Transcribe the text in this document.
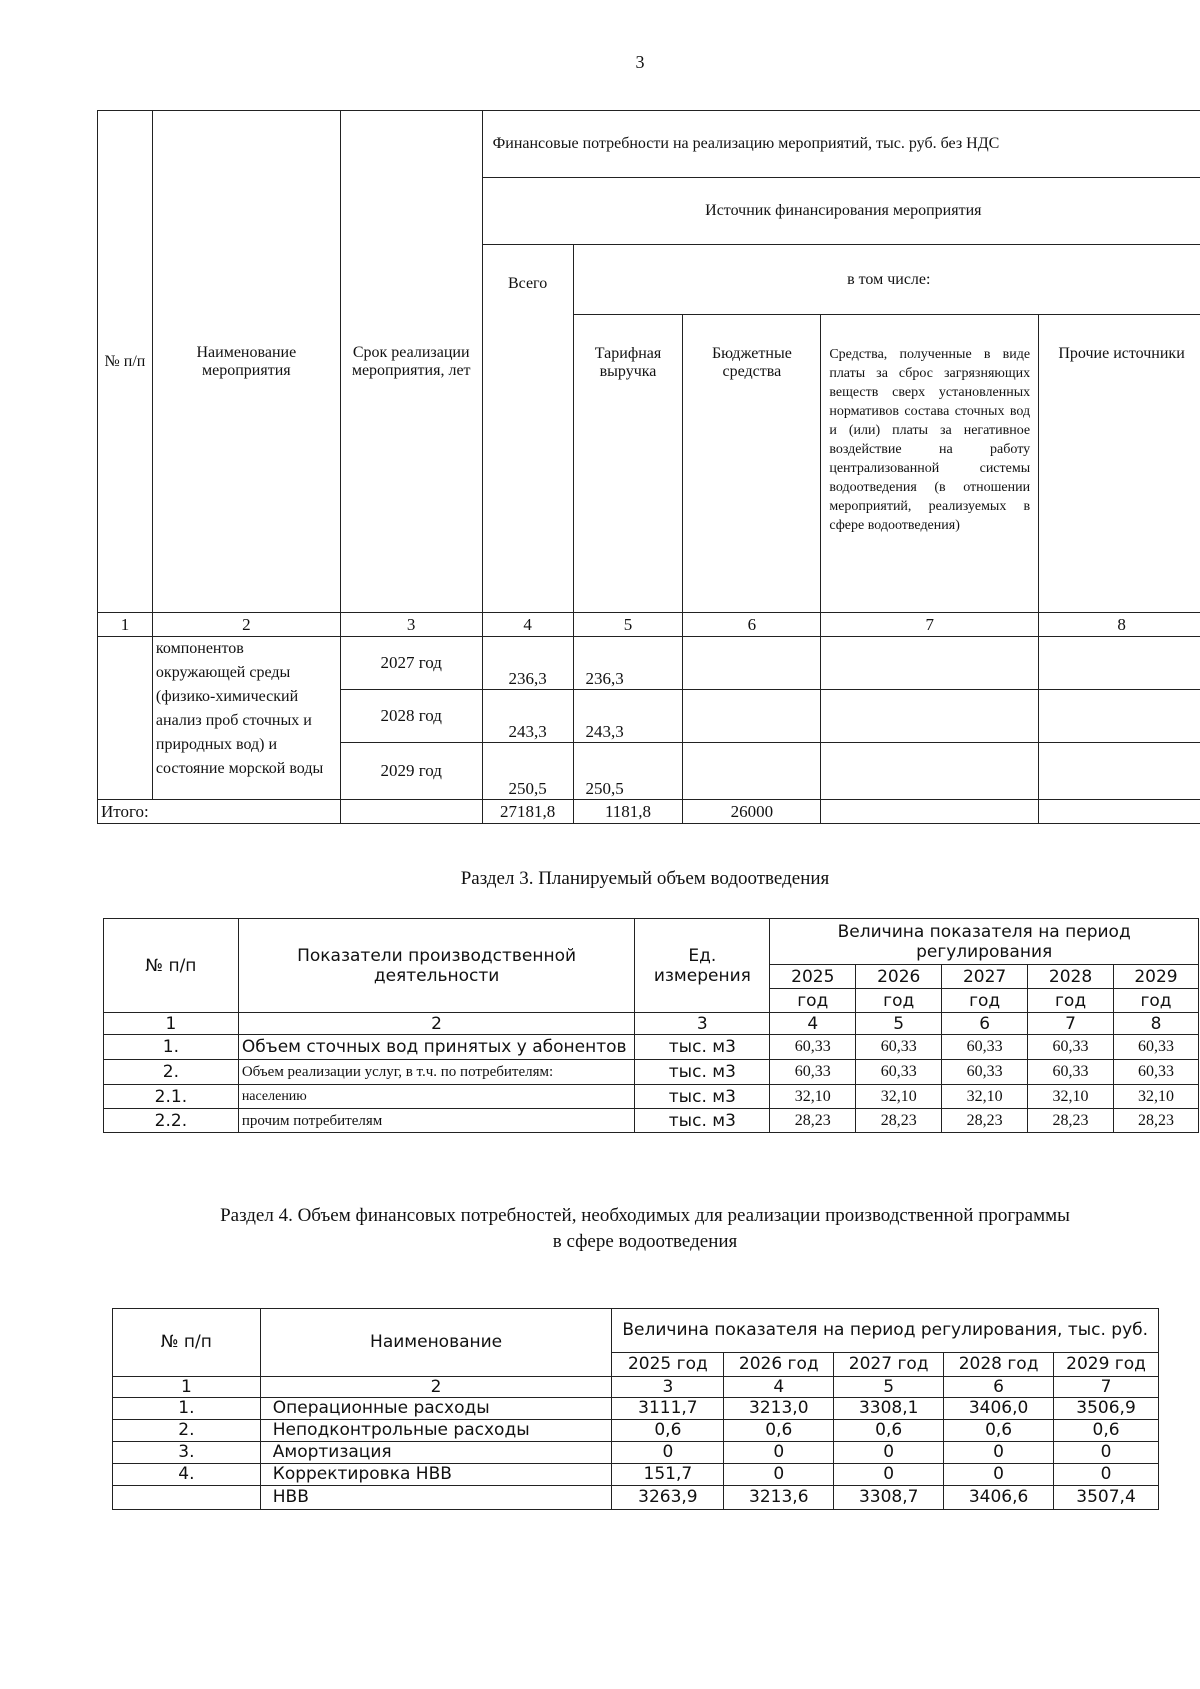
3
№ п/п	Наименование мероприятия	Срок реализации мероприятия, лет	Финансовые потребности на реализацию мероприятий, тыс. руб. без НДС				
			Источник финансирования мероприятия				
			Всего	в том числе:			
				Тарифная выручка	Бюджетные средства	Средства, полученные в виде платы за сброс загрязняющих веществ сверх установленных нормативов состава сточных вод и (или) платы за негативное воздействие на работу централизованной системы водоотведения (в отношении мероприятий, реализуемых в сфере водоотведения)	Прочие источники
1	2	3	4	5	6	7	8
	компонентов окружающей среды (физико-химический анализ проб сточных и природных вод) и состояние морской воды	2027 год	236,3	236,3			
		2028 год	243,3	243,3			
		2029 год	250,5	250,5			
Итого:			27181,8	1181,8	26000		
Раздел 3. Планируемый объем водоотведения
№ п/п	Показатели производственной деятельности	Ед. измерения	Величина показателя на период регулирования				
			2025	2026	2027	2028	2029
			год	год	год	год	год
1	2	3	4	5	6	7	8
1.	Объем сточных вод принятых у абонентов	тыс. м3	60,33	60,33	60,33	60,33	60,33
2.	Объем реализации услуг, в т.ч. по потребителям:	тыс. м3	60,33	60,33	60,33	60,33	60,33
2.1.	населению	тыс. м3	32,10	32,10	32,10	32,10	32,10
2.2.	прочим потребителям	тыс. м3	28,23	28,23	28,23	28,23	28,23
Раздел 4. Объем финансовых потребностей, необходимых для реализации производственной программы
в сфере водоотведения
№ п/п	Наименование	Величина показателя на период регулирования, тыс. руб.				
		2025 год	2026 год	2027 год	2028 год	2029 год
1	2	3	4	5	6	7
1.	Операционные расходы	3111,7	3213,0	3308,1	3406,0	3506,9
2.	Неподконтрольные расходы	0,6	0,6	0,6	0,6	0,6
3.	Амортизация	0	0	0	0	0
4.	Корректировка НВВ	151,7	0	0	0	0
	НВВ	3263,9	3213,6	3308,7	3406,6	3507,4
